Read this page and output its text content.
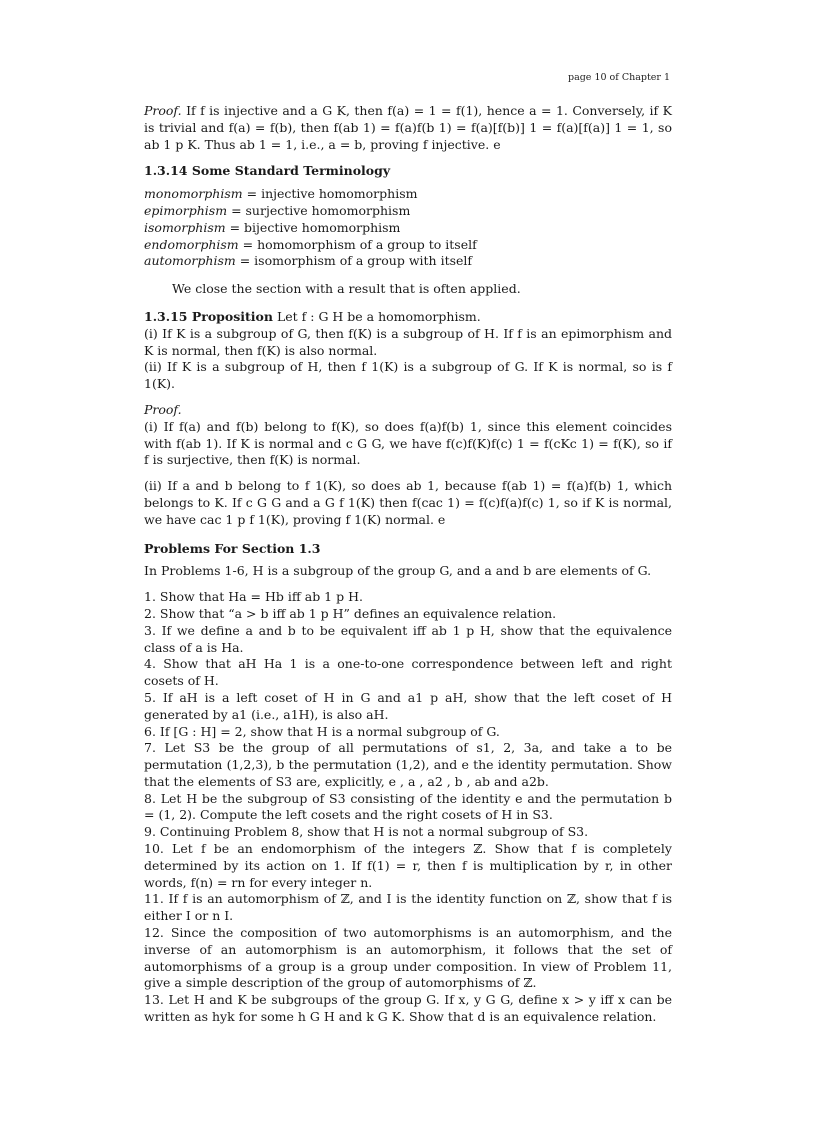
page 10 of Chapter 1

Proof. If f is injective and a G K, then f(a) = 1 = f(1), hence a = 1. Conversely, if K is trivial and f(a) = f(b), then f(ab 1) = f(a)f(b 1) = f(a)[f(b)] 1 = f(a)[f(a)] 1 = 1, so ab 1 p K. Thus ab 1 = 1, i.e., a = b, proving f injective. e

1.3.14 Some Standard Terminology

monomorphism = injective homomorphism

epimorphism = surjective homomorphism

isomorphism = bijective homomorphism

endomorphism = homomorphism of a group to itself

automorphism = isomorphism of a group with itself

We close the section with a result that is often applied.

1.3.15 Proposition Let f : G H be a homomorphism.

(i) If K is a subgroup of G, then f(K) is a subgroup of H. If f is an epimorphism and K is normal, then f(K) is also normal.

(ii) If K is a subgroup of H, then f 1(K) is a subgroup of G. If K is normal, so is f 1(K).

Proof.

(i) If f(a) and f(b) belong to f(K), so does f(a)f(b) 1, since this element coincides with f(ab 1). If K is normal and c G G, we have f(c)f(K)f(c) 1 = f(cKc 1) = f(K), so if f is surjective, then f(K) is normal.

(ii) If a and b belong to f 1(K), so does ab 1, because f(ab 1) = f(a)f(b) 1, which belongs to K. If c G G and a G f 1(K) then f(cac 1) = f(c)f(a)f(c) 1, so if K is normal, we have cac 1 p f 1(K), proving f 1(K) normal. e

Problems For Section 1.3

In Problems 1-6, H is a subgroup of the group G, and a and b are elements of G.

1. Show that Ha = Hb iff ab 1 p H.

2. Show that “a > b iff ab 1 p H” defines an equivalence relation.

3. If we define a and b to be equivalent iff ab 1 p H, show that the equivalence class of a is Ha.

4. Show that aH Ha 1 is a one-to-one correspondence between left and right cosets of H.

5. If aH is a left coset of H in G and a1 p aH, show that the left coset of H generated by a1 (i.e., a1H), is also aH.

6. If [G : H] = 2, show that H is a normal subgroup of G.

7. Let S3 be the group of all permutations of s1, 2, 3a, and take a to be permutation (1,2,3), b the permutation (1,2), and e the identity permutation. Show that the elements of S3 are, explicitly, e , a , a2 , b , ab and a2b.

8. Let H be the subgroup of S3 consisting of the identity e and the permutation b = (1, 2). Compute the left cosets and the right cosets of H in S3.

9. Continuing Problem 8, show that H is not a normal subgroup of S3.

10. Let f be an endomorphism of the integers ℤ. Show that f is completely determined by its action on 1. If f(1) = r, then f is multiplication by r, in other words, f(n) = rn for every integer n.

11. If f is an automorphism of ℤ, and I is the identity function on ℤ, show that f is either I or n I.

12. Since the composition of two automorphisms is an automorphism, and the inverse of an automorphism is an automorphism, it follows that the set of automorphisms of a group is a group under composition. In view of Problem 11, give a simple description of the group of automorphisms of ℤ.

13. Let H and K be subgroups of the group G. If x, y G G, define x > y iff x can be written as hyk for some h G H and k G K. Show that d is an equivalence relation.
